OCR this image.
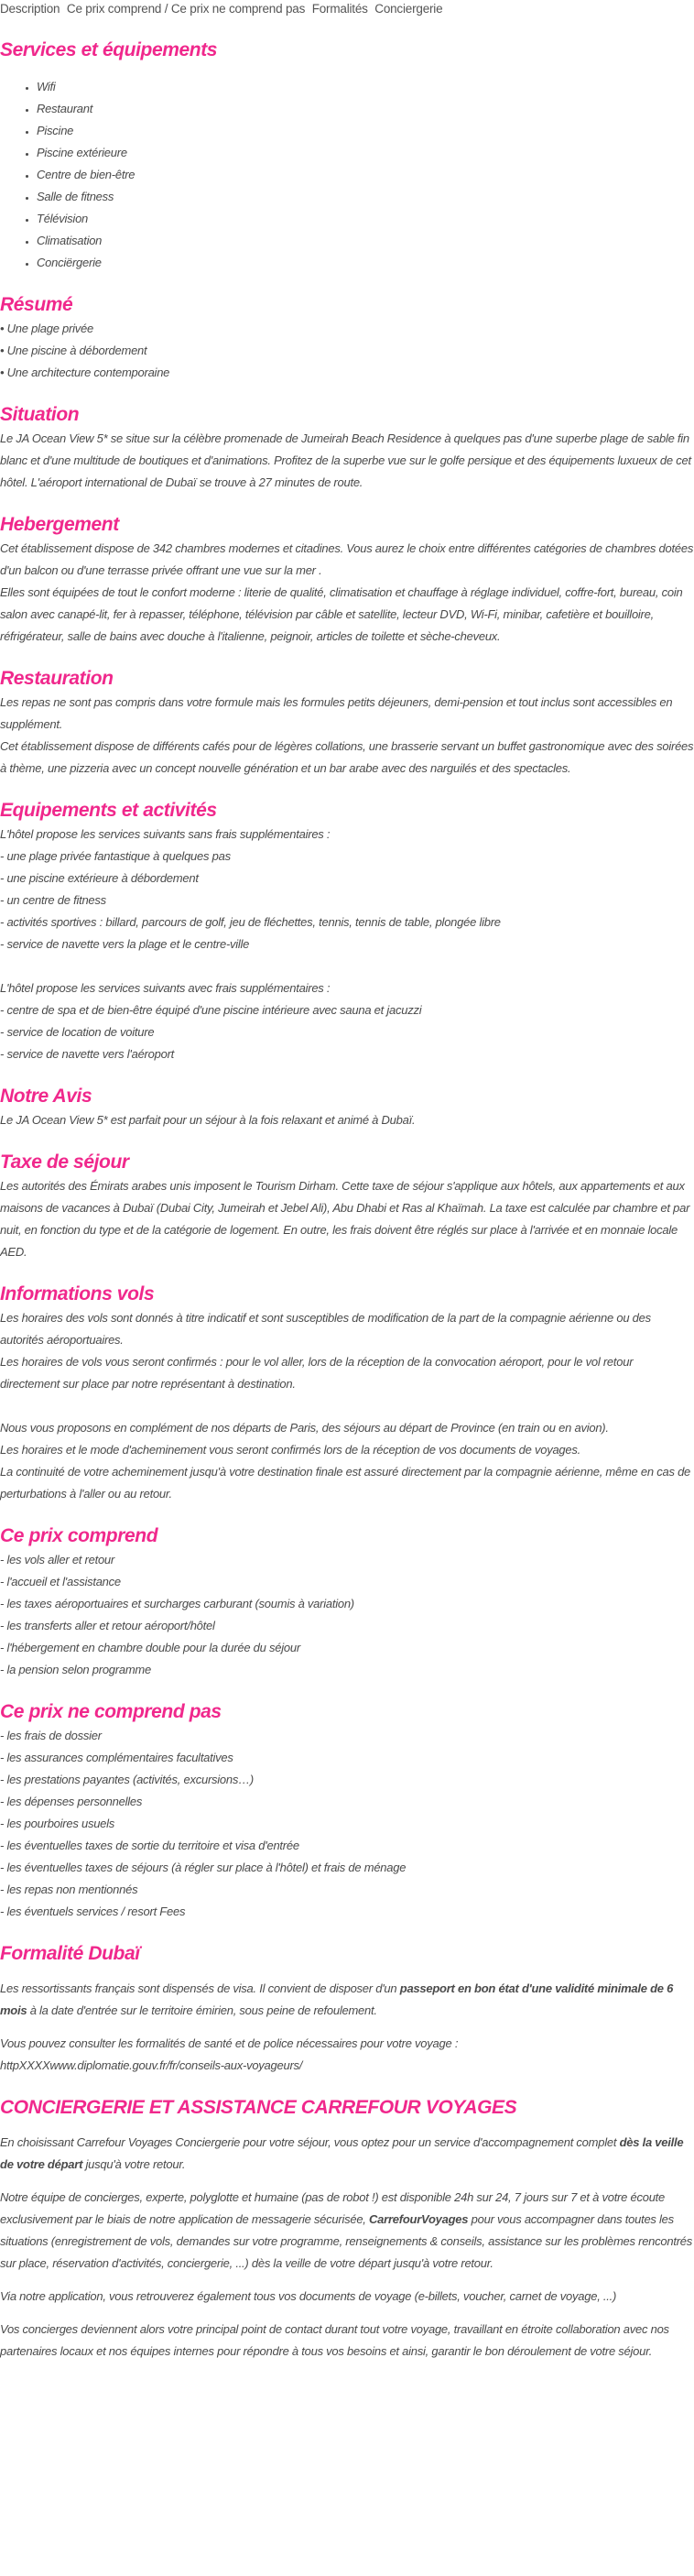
Description Ce prix comprend / Ce prix ne comprend pas Formalités Conciergerie
Services et équipements
• Wifi
• Restaurant
• Piscine
• Piscine extérieure
• Centre de bien-être
• Salle de fitness
• Télévision
• Climatisation
• Conciërgerie
Résumé
• Une plage privée
• Une piscine à débordement
• Une architecture contemporaine
Situation

Le JA Ocean View 5* se situe sur la célèbre promenade de Jumeirah Beach Residence à quelques pas d'une superbe plage de sable fin blanc et d'une multitude de boutiques et d'animations. Profitez de la superbe vue sur le golfe persique et des équipements luxueux de cet hôtel. L'aéroport international de Dubaï se trouve à 27 minutes de route.

Hebergement

Cet établissement dispose de 342 chambres modernes et citadines. Vous aurez le choix entre différentes catégories de chambres dotées d'un balcon ou d'une terrasse privée offrant une vue sur la mer .

Elles sont équipées de tout le confort moderne : literie de qualité, climatisation et chauffage à réglage individuel, coffre-fort, bureau, coin salon avec canapé-lit, fer à repasser, téléphone, télévision par câble et satellite, lecteur DVD, Wi-Fi, minibar, cafetière et bouilloire, réfrigérateur, salle de bains avec douche à l'italienne, peignoir, articles de toilette et sèche-cheveux.

Restauration

Les repas ne sont pas compris dans votre formule mais les formules petits déjeuners, demi-pension et tout inclus sont accessibles en supplément.

Cet établissement dispose de différents cafés pour de légères collations, une brasserie servant un buffet gastronomique avec des soirées à thème, une pizzeria avec un concept nouvelle génération et un bar arabe avec des narguilés et des spectacles.

Equipements et activités
L'hôtel propose les services suivants sans frais supplémentaires :
- une plage privée fantastique à quelques pas
- une piscine extérieure à débordement
- un centre de fitness
- activités sportives : billard, parcours de golf, jeu de fléchettes, tennis, tennis de table, plongée libre
- service de navette vers la plage et le centre-ville
L'hôtel propose les services suivants avec frais supplémentaires :
- centre de spa et de bien-être équipé d'une piscine intérieure avec sauna et jacuzzi
- service de location de voiture
- service de navette vers l'aéroport
Notre Avis

Le JA Ocean View 5* est parfait pour un séjour à la fois relaxant et animé à Dubaï.

Taxe de séjour

Les autorités des Émirats arabes unis imposent le Tourism Dirham. Cette taxe de séjour s'applique aux hôtels, aux appartements et aux maisons de vacances à Dubaï (Dubai City, Jumeirah et Jebel Ali), Abu Dhabi et Ras al Khaïmah. La taxe est calculée par chambre et par nuit, en fonction du type et de la catégorie de logement. En outre, les frais doivent être réglés sur place à l'arrivée et en monnaie locale AED.

Informations vols

Les horaires des vols sont donnés à titre indicatif et sont susceptibles de modification de la part de la compagnie aérienne ou des autorités aéroportuaires.

Les horaires de vols vous seront confirmés : pour le vol aller, lors de la réception de la convocation aéroport, pour le vol retour directement sur place par notre représentant à destination.

Nous vous proposons en complément de nos départs de Paris, des séjours au départ de Province (en train ou en avion).

Les horaires et le mode d'acheminement vous seront confirmés lors de la réception de vos documents de voyages.

La continuité de votre acheminement jusqu'à votre destination finale est assuré directement par la compagnie aérienne, même en cas de perturbations à l'aller ou au retour.

Ce prix comprend
- les vols aller et retour
- l'accueil et l'assistance
- les taxes aéroportuaires et surcharges carburant (soumis à variation)
- les transferts aller et retour aéroport/hôtel
- l'hébergement en chambre double pour la durée du séjour
- la pension selon programme
Ce prix ne comprend pas
- les frais de dossier
- les assurances complémentaires facultatives
- les prestations payantes (activités, excursions…)
- les dépenses personnelles
- les pourboires usuels
- les éventuelles taxes de sortie du territoire et visa d'entrée
- les éventuelles taxes de séjours (à régler sur place à l'hôtel) et frais de ménage
- les repas non mentionnés
- les éventuels services / resort Fees
Formalité Dubaï

Les ressortissants français sont dispensés de visa. Il convient de disposer d'un passeport en bon état d'une validité minimale de 6 mois à la date d'entrée sur le territoire émirien, sous peine de refoulement.

Vous pouvez consulter les formalités de santé et de police nécessaires pour votre voyage :

httpXXXXwww.diplomatie.gouv.fr/fr/conseils-aux-voyageurs/

CONCIERGERIE ET ASSISTANCE CARREFOUR VOYAGES

En choisissant Carrefour Voyages Conciergerie pour votre séjour, vous optez pour un service d'accompagnement complet dès la veille de votre départ jusqu'à votre retour.

Notre équipe de concierges, experte, polyglotte et humaine (pas de robot !) est disponible 24h sur 24, 7 jours sur 7 et à votre écoute exclusivement par le biais de notre application de messagerie sécurisée, CarrefourVoyages pour vous accompagner dans toutes les situations (enregistrement de vols, demandes sur votre programme, renseignements & conseils, assistance sur les problèmes rencontrés sur place, réservation d'activités, conciergerie, ...) dès la veille de votre départ jusqu'à votre retour.

Via notre application, vous retrouverez également tous vos documents de voyage (e-billets, voucher, carnet de voyage, ...)

Vos concierges deviennent alors votre principal point de contact durant tout votre voyage, travaillant en étroite collaboration avec nos partenaires locaux et nos équipes internes pour répondre à tous vos besoins et ainsi, garantir le bon déroulement de votre séjour.
